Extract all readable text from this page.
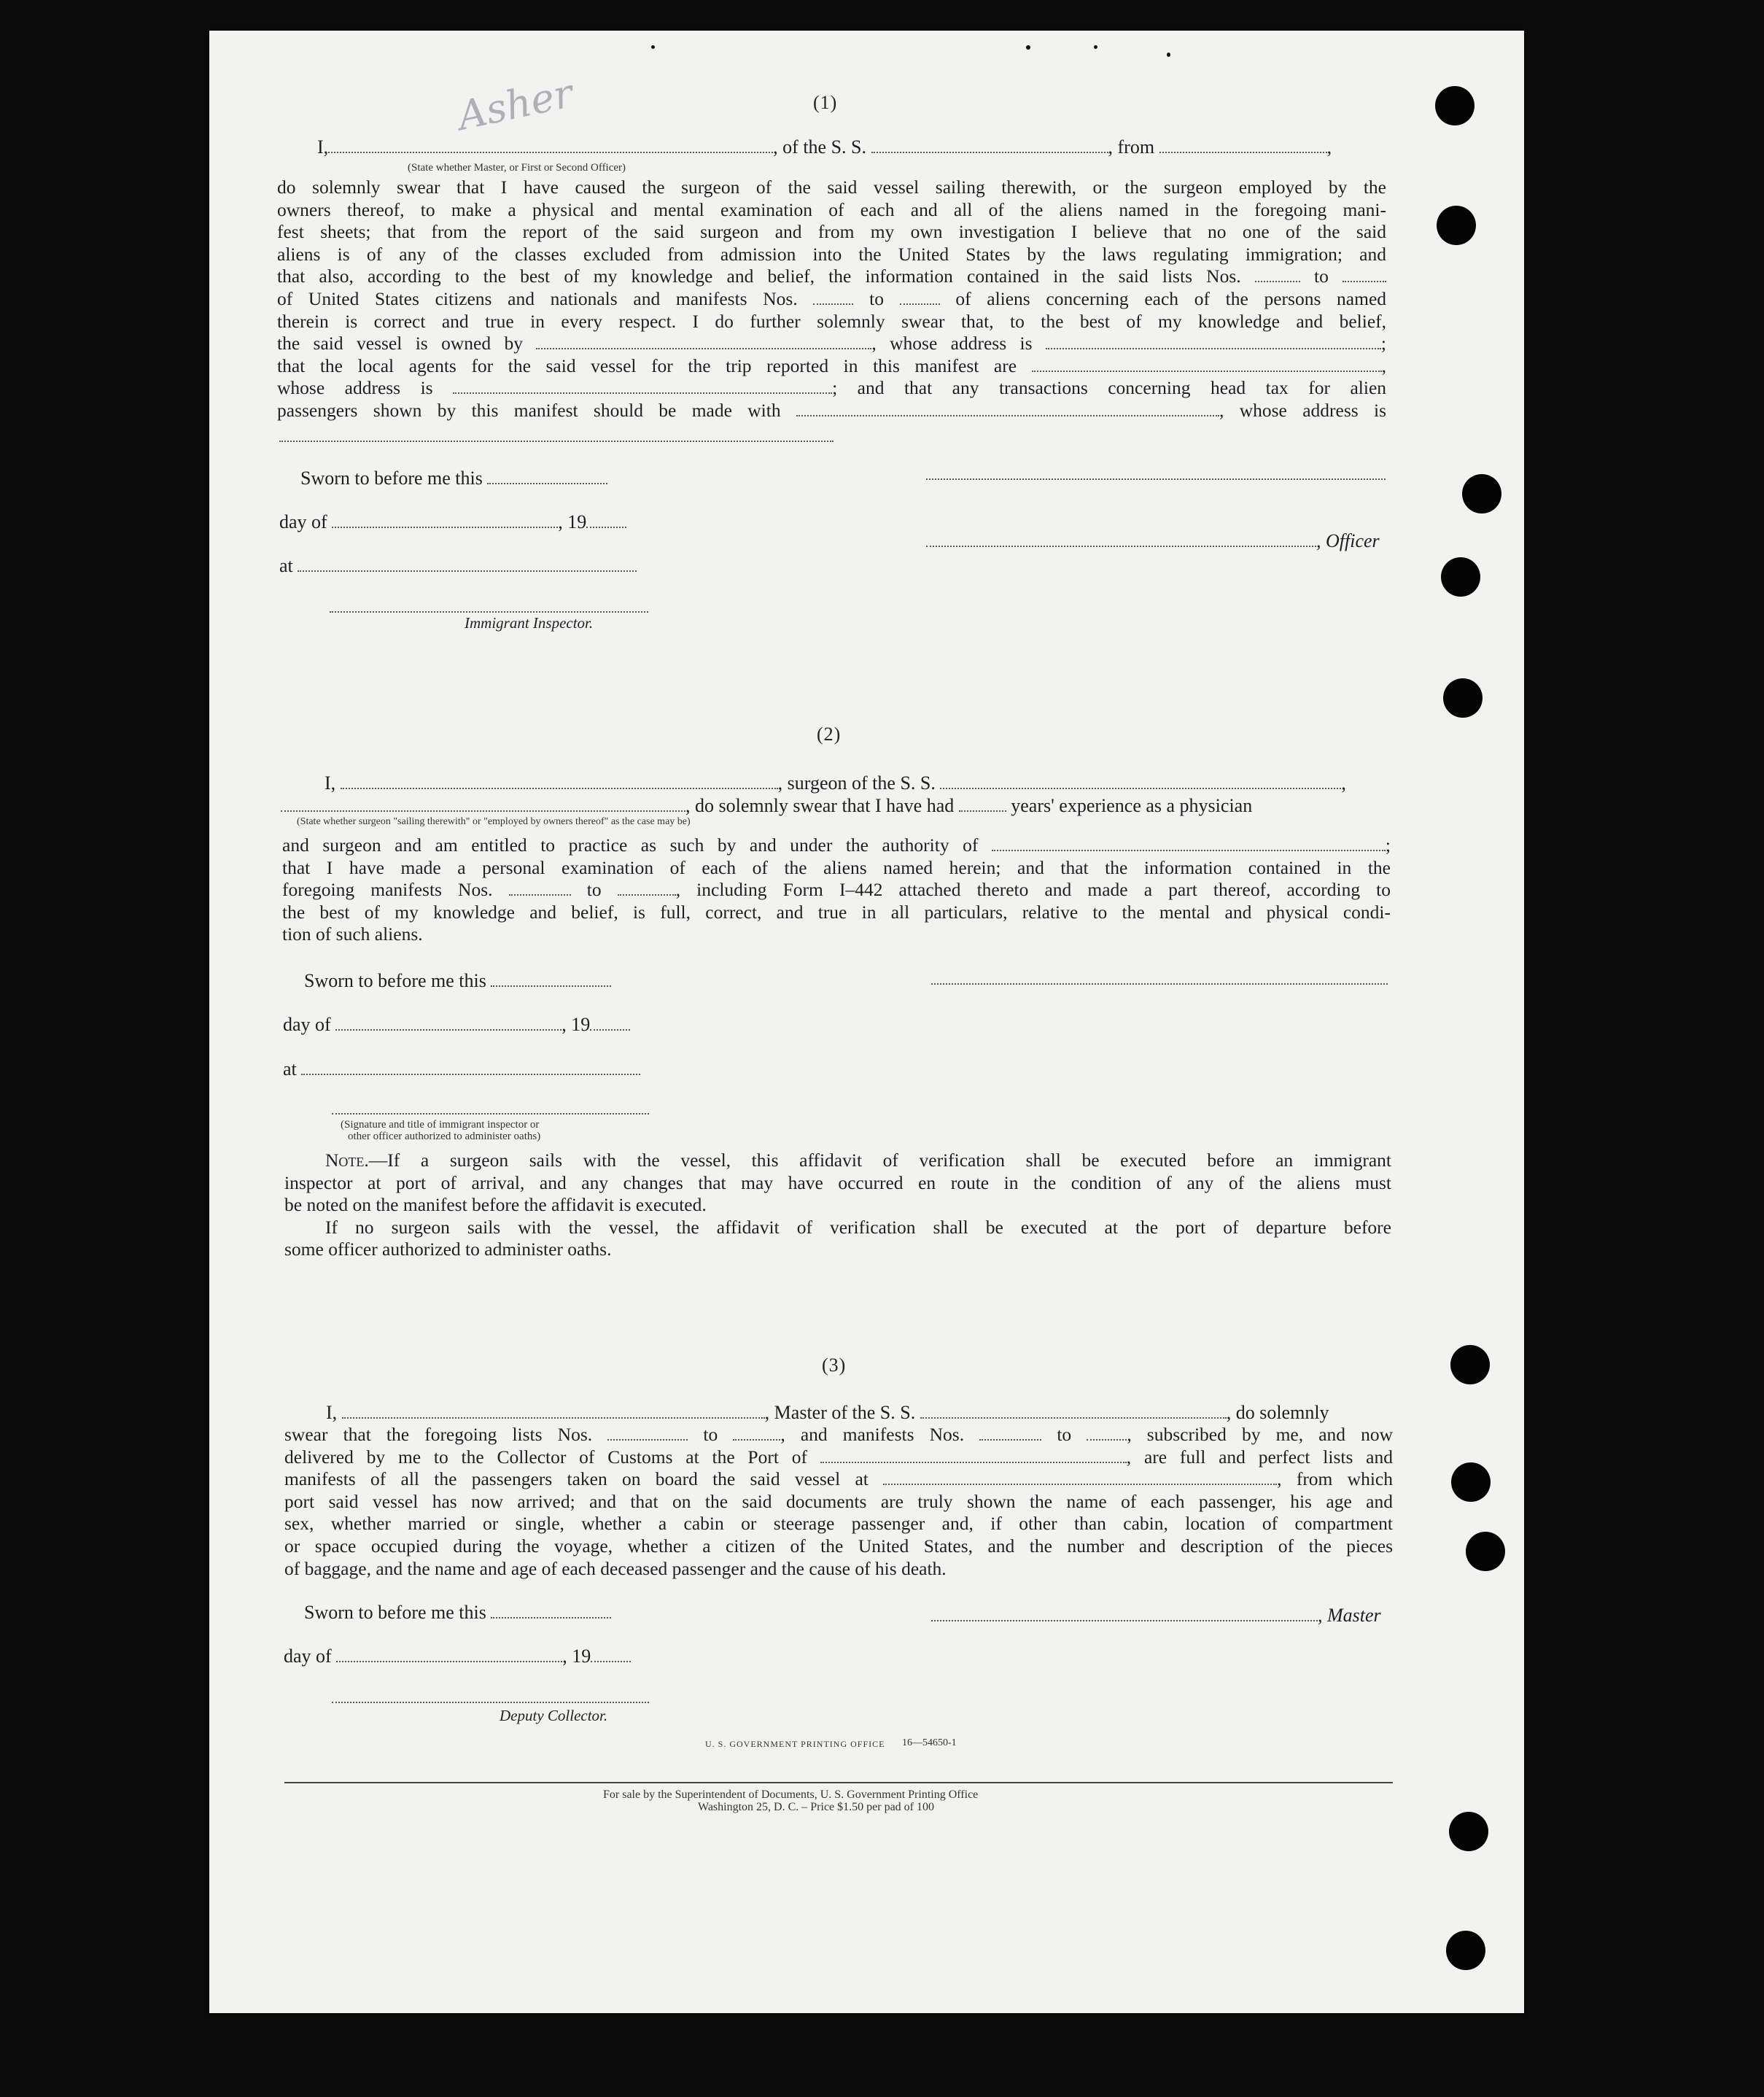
Asher	(1)
I,	, of the S. S.	, from	,
(State whether Master, or First or Second Officer)
do solemnly swear that I have caused the surgeon of the said vessel sailing therewith, or the surgeon employed by the
owners thereof, to make a physical and mental examination of each and all of the aliens named in the foregoing mani-
fest sheets; that from the report of the said surgeon and from my own investigation I believe that no one of the said
aliens is of any of the classes excluded from admission into the United States by the laws regulating immigration; and
that also, according to the best of my knowledge and belief, the information contained in the said lists Nos.	to
of United States citizens and nationals and manifests Nos.	to	of aliens concerning each of the persons named
therein is correct and true in every respect. I do further solemnly swear that, to the best of my knowledge and belief,
the said vessel is owned by	, whose address is	;
that the local agents for the said vessel for the trip reported in this manifest are	,
whose address is	; and that any transactions concerning head tax for alien
passengers shown by this manifest should be made with	, whose address is
Sworn to before me this
day of	, 19
, Officer
at
Immigrant Inspector.
(2)
I,	, surgeon of the S. S.	,
, do solemnly swear that I have had	years' experience as a physician
(State whether surgeon "sailing therewith" or "employed by owners thereof" as the case may be)
and surgeon and am entitled to practice as such by and under the authority of	;
that I have made a personal examination of each of the aliens named herein; and that the information contained in the
foregoing manifests Nos.	to	, including Form I–442 attached thereto and made a part thereof, according to
the best of my knowledge and belief, is full, correct, and true in all particulars, relative to the mental and physical condi-
tion of such aliens.
Sworn to before me this
day of	, 19
at
(Signature and title of immigrant inspector or
other officer authorized to administer oaths)
Note.—If a surgeon sails with the vessel, this affidavit of verification shall be executed before an immigrant
inspector at port of arrival, and any changes that may have occurred en route in the condition of any of the aliens must
be noted on the manifest before the affidavit is executed.
If no surgeon sails with the vessel, the affidavit of verification shall be executed at the port of departure before
some officer authorized to administer oaths.
(3)
I,	, Master of the S. S.	, do solemnly
swear that the foregoing lists Nos.	to	, and manifests Nos.	to	, subscribed by me, and now
delivered by me to the Collector of Customs at the Port of	, are full and perfect lists and
manifests of all the passengers taken on board the said vessel at	, from which
port said vessel has now arrived; and that on the said documents are truly shown the name of each passenger, his age and
sex, whether married or single, whether a cabin or steerage passenger and, if other than cabin, location of compartment
or space occupied during the voyage, whether a citizen of the United States, and the number and description of the pieces
of baggage, and the name and age of each deceased passenger and the cause of his death.
Sworn to before me this	, Master
day of	, 19
Deputy Collector.
U. S. GOVERNMENT PRINTING OFFICE 16—54650-1
For sale by the Superintendent of Documents, U. S. Government Printing Office
Washington 25, D. C. – Price $1.50 per pad of 100
